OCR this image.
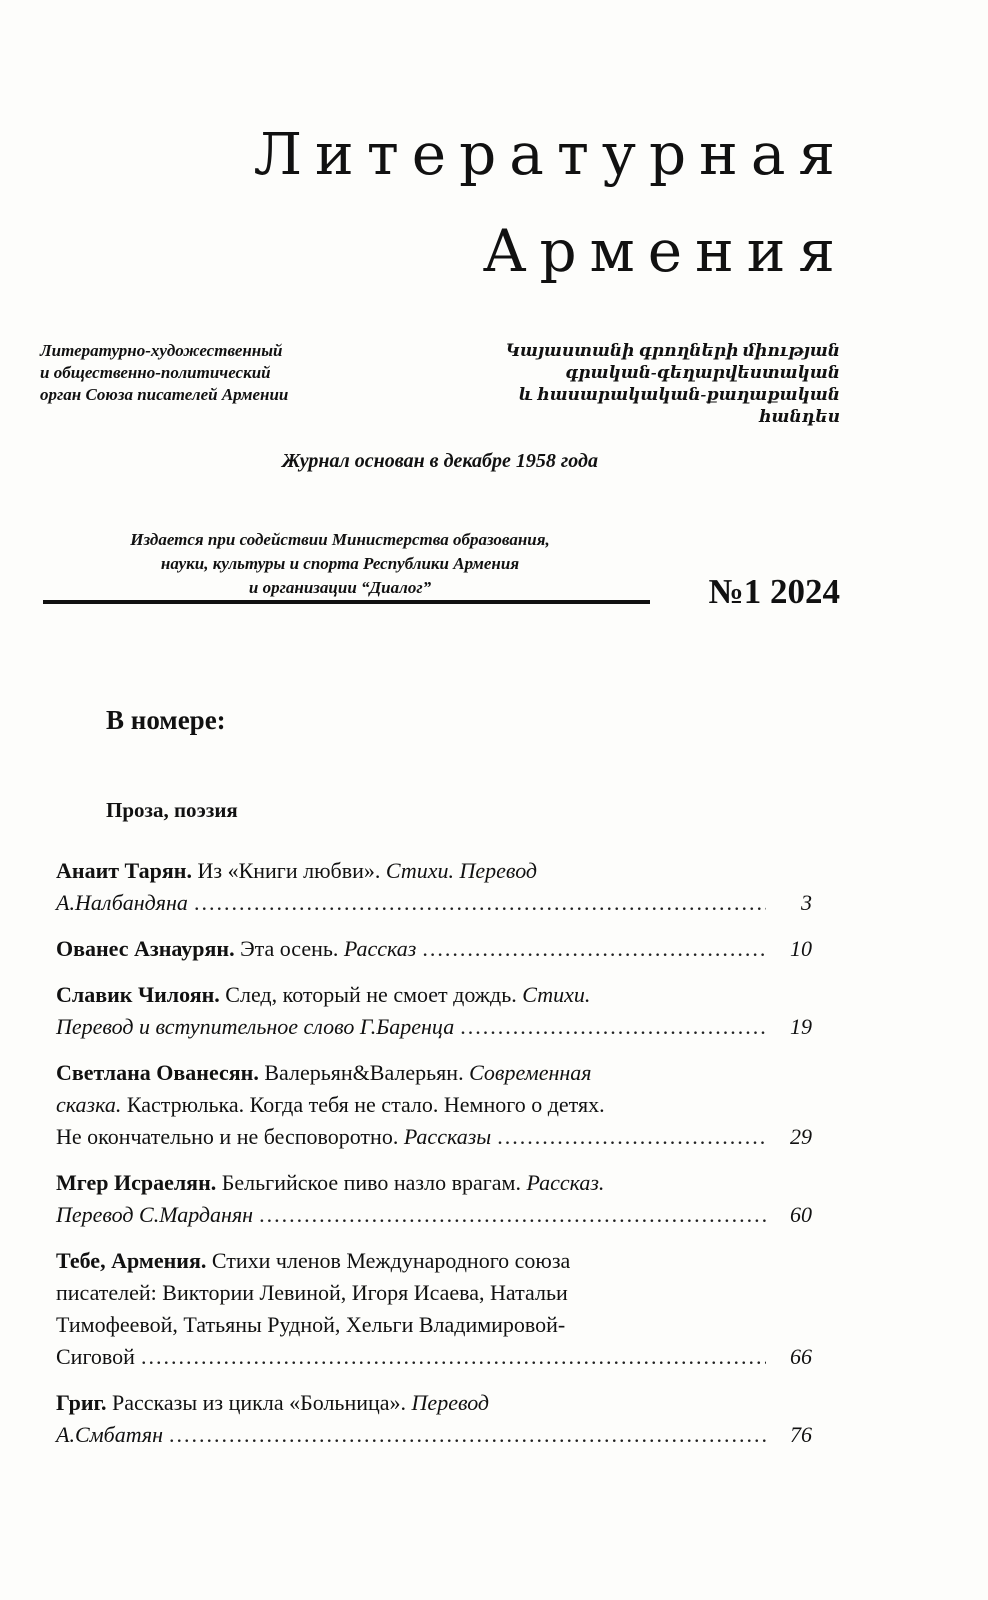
Литературная
Армения
Литературно-художественный
и общественно-политический
орган Союза писателей Армении
Կայաստանի գրողների միության
գրական-գեղարվեստական
և հասարակական-քաղաքական հանդես
Журнал основан в декабре 1958 года
Издается при содействии Министерства образования,
науки, культуры и спорта Республики Армения
и организации “Диалог”	№1 2024
В номере:
Проза, поэзия
Анаит Тарян. Из «Книги любви». Стихи. Перевод
А.Налбандяна .....	3
Ованес Азнаурян. Эта осень. Рассказ .....	10
Славик Чилоян. След, который не смоет дождь. Стихи.
Перевод и вступительное слово Г.Баренца .....	19
Светлана Ованесян. Валерьян&Валерьян. Современная
сказка. Кастрюлька. Когда тебя не стало. Немного о детях.
Не окончательно и не бесповоротно. Рассказы .....	29
Мгер Исраелян. Бельгийское пиво назло врагам. Рассказ.
Перевод С.Марданян .....	60
Тебе, Армения. Стихи членов Международного союза
писателей: Виктории Левиной, Игоря Исаева, Натальи
Тимофеевой, Татьяны Рудной, Хельги Владимировой-
Сиговой .....	66
Григ. Рассказы из цикла «Больница». Перевод
А.Смбатян .....	76
